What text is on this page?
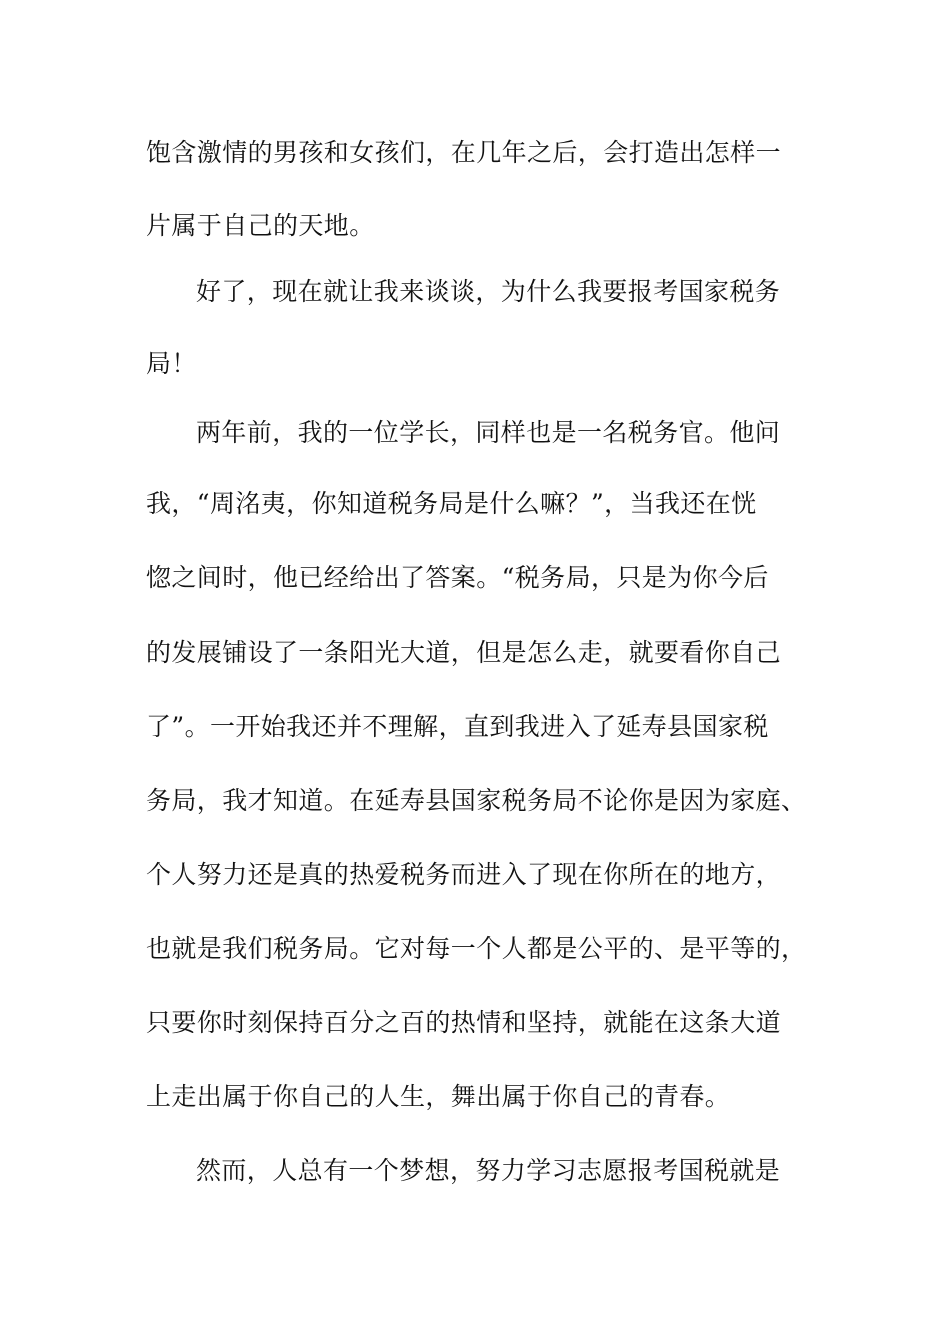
饱含激情的男孩和女孩们，在几年之后，会打造出怎样一
片属于自己的天地。
好了，现在就让我来谈谈，为什么我要报考国家税务
局！
两年前，我的一位学长，同样也是一名税务官。他问
我，“周洺夷，你知道税务局是什么嘛？”，当我还在恍
惚之间时，他已经给出了答案。“税务局，只是为你今后
的发展铺设了一条阳光大道，但是怎么走，就要看你自己
了”。一开始我还并不理解，直到我进入了延寿县国家税
务局，我才知道。在延寿县国家税务局不论你是因为家庭、
个人努力还是真的热爱税务而进入了现在你所在的地方，
也就是我们税务局。它对每一个人都是公平的、是平等的，
只要你时刻保持百分之百的热情和坚持，就能在这条大道
上走出属于你自己的人生，舞出属于你自己的青春。
然而，人总有一个梦想，努力学习志愿报考国税就是
